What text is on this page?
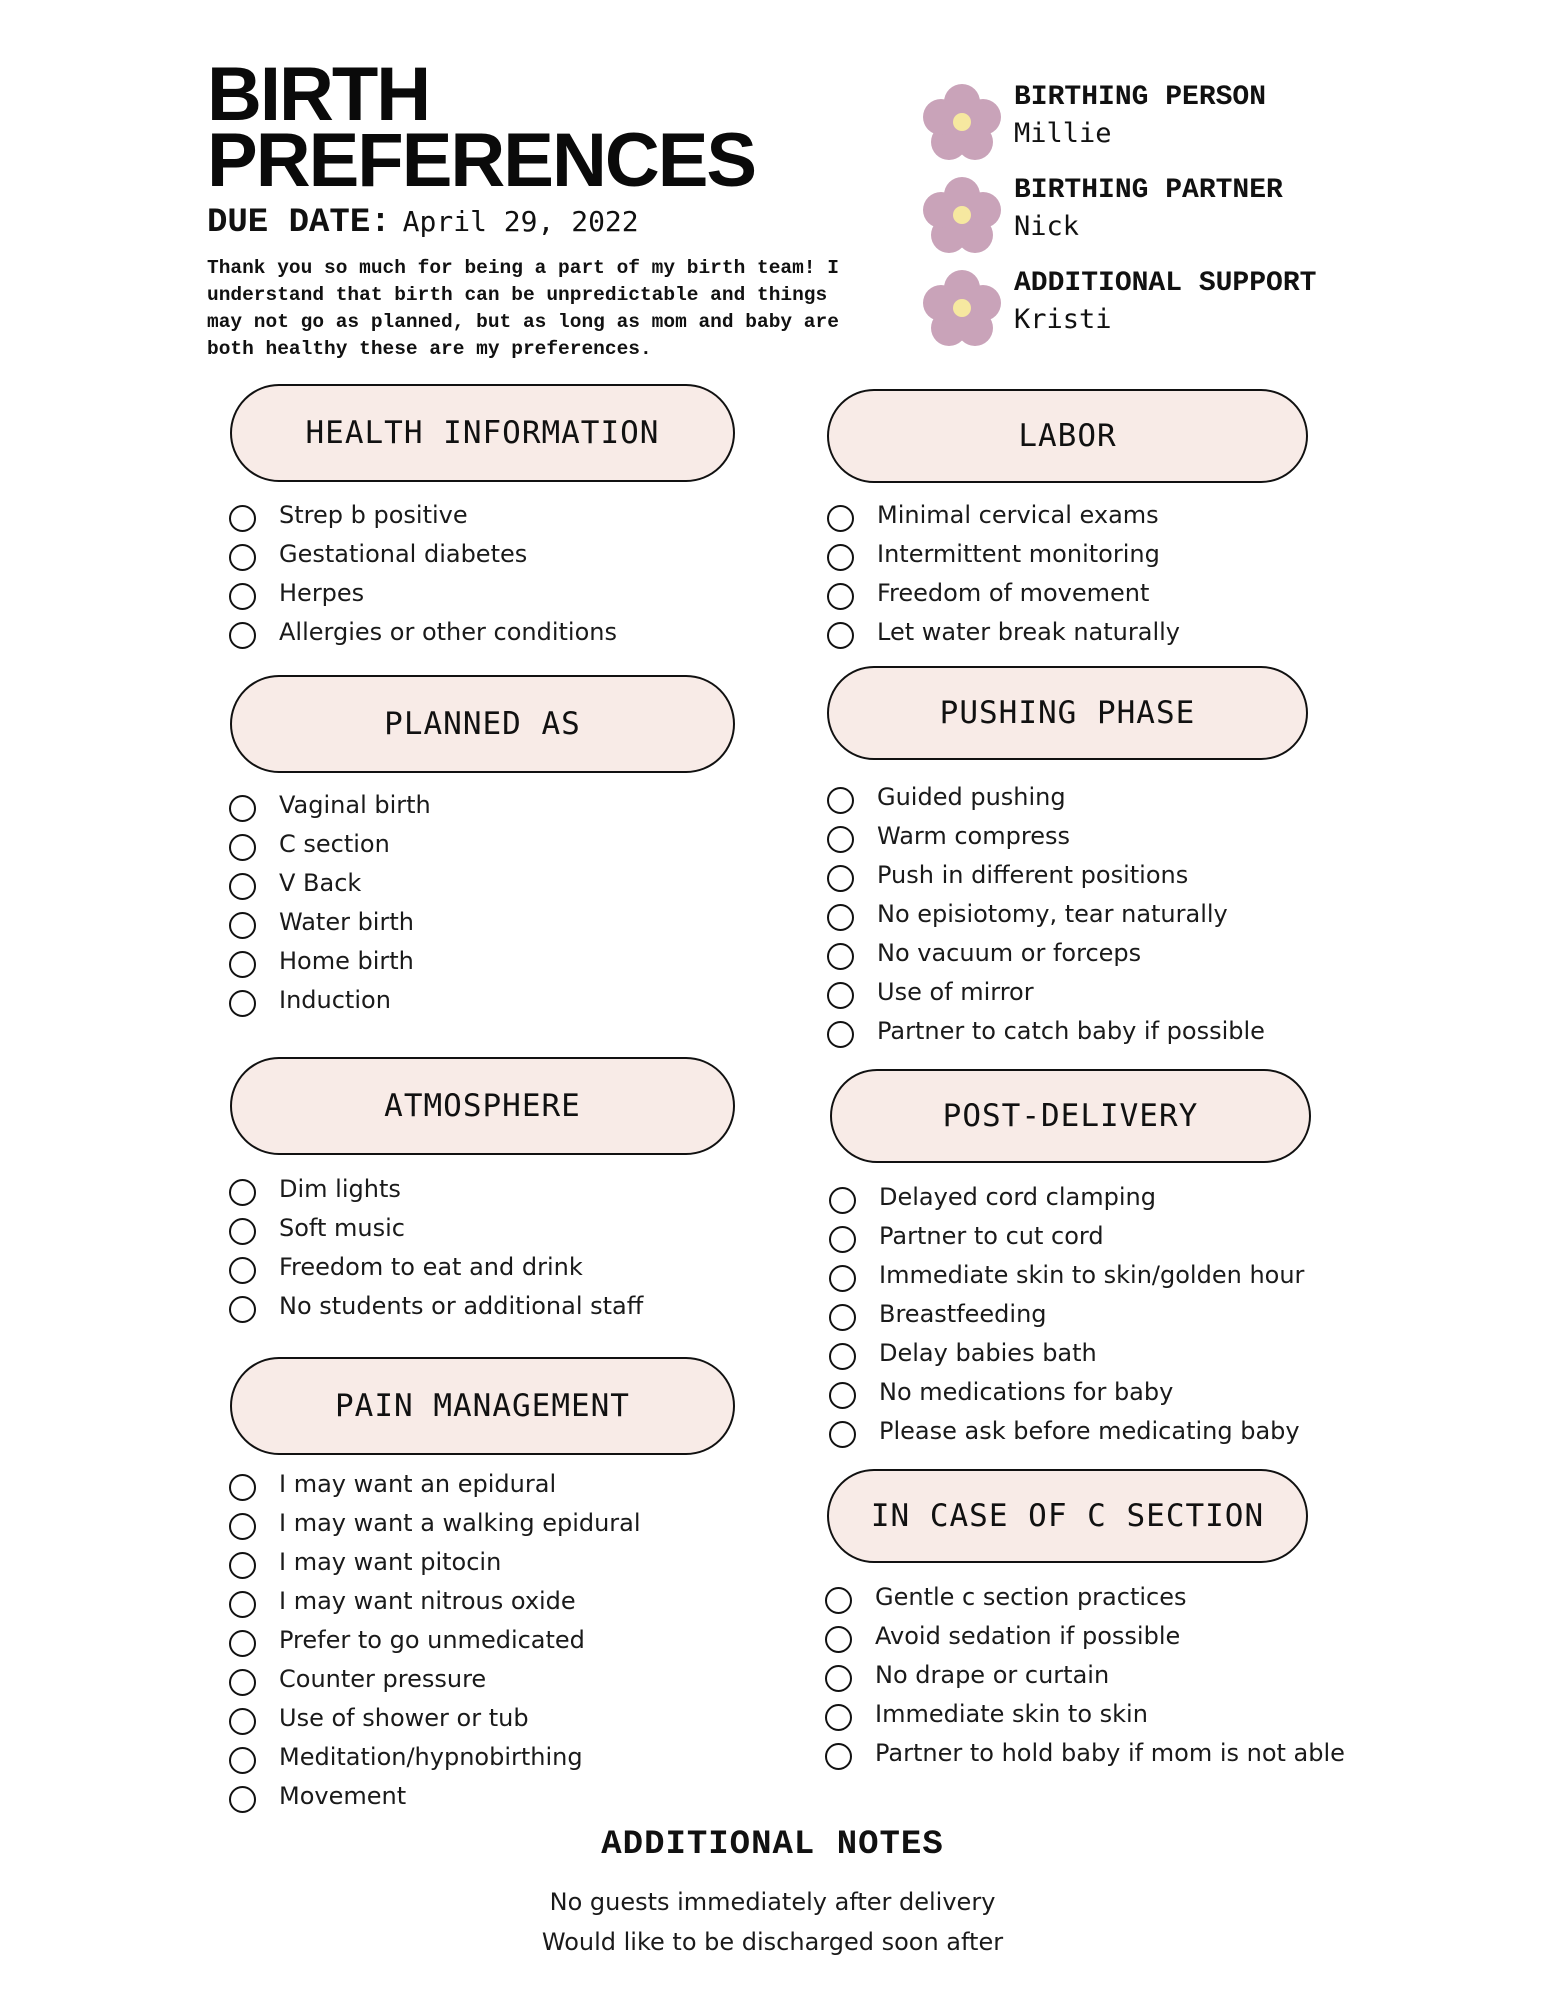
BIRTH
PREFERENCES
DUE DATE: April 29, 2022
Thank you so much for being a part of my birth team! I understand that birth can be unpredictable and things may not go as planned, but as long as mom and baby are both healthy these are my preferences.
BIRTHING PERSON
Millie
BIRTHING PARTNER
Nick
ADDITIONAL SUPPORT
Kristi
HEALTH INFORMATION
PLANNED AS
ATMOSPHERE
PAIN MANAGEMENT
LABOR
PUSHING PHASE
POST-DELIVERY
IN CASE OF C SECTION
Strep b positive
Gestational diabetes
Herpes
Allergies or other conditions
Vaginal birth
C section
V Back
Water birth
Home birth
Induction
Dim lights
Soft music
Freedom to eat and drink
No students or additional staff
I may want an epidural
I may want a walking epidural
I may want pitocin
I may want nitrous oxide
Prefer to go unmedicated
Counter pressure
Use of shower or tub
Meditation/hypnobirthing
Movement
Minimal cervical exams
Intermittent monitoring
Freedom of movement
Let water break naturally
Guided pushing
Warm compress
Push in different positions
No episiotomy, tear naturally
No vacuum or forceps
Use of mirror
Partner to catch baby if possible
Delayed cord clamping
Partner to cut cord
Immediate skin to skin/golden hour
Breastfeeding
Delay babies bath
No medications for baby
Please ask before medicating baby
Gentle c section practices
Avoid sedation if possible
No drape or curtain
Immediate skin to skin
Partner to hold baby if mom is not able
ADDITIONAL NOTES
No guests immediately after delivery
Would like to be discharged soon after
